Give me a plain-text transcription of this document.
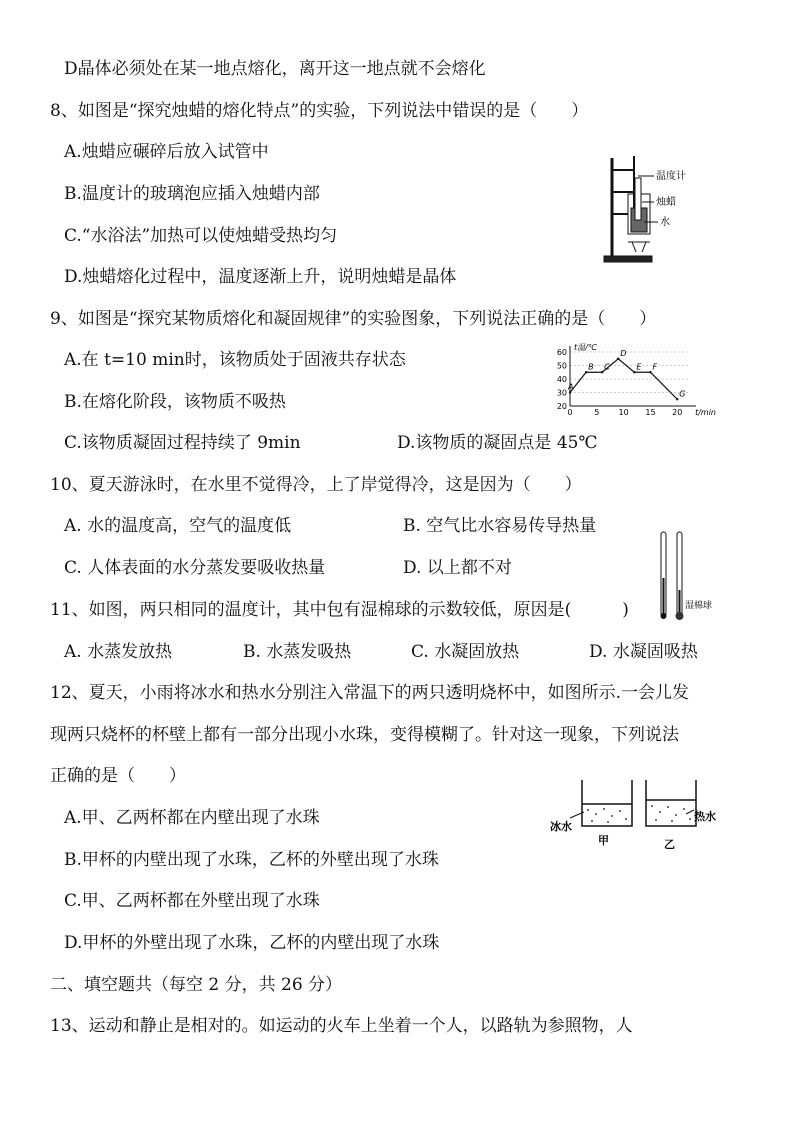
D晶体必须处在某一地点熔化，离开这一地点就不会熔化
8、如图是“探究烛蜡的熔化特点”的实验，下列说法中错误的是（　　）
A.烛蜡应碾碎后放入试管中
B.温度计的玻璃泡应插入烛蜡内部
C.“水浴法”加热可以使烛蜡受热均匀
D.烛蜡熔化过程中，温度逐渐上升，说明烛蜡是晶体
温度计
烛蜡
水
9、如图是“探究某物质熔化和凝固规律”的实验图象，下列说法正确的是（　　）
A.在 t=10 min时，该物质处于固液共存状态
B.在熔化阶段，该物质不吸热
C.该物质凝固过程持续了 9min	D.该物质的凝固点是 45℃
20
30
40
50
60
0	5 10 15 20
t温/℃
t/min
A
B C
D
E F
G
10、夏天游泳时，在水里不觉得冷，上了岸觉得冷，这是因为（　　）
A. 水的温度高，空气的温度低	B. 空气比水容易传导热量
C. 人体表面的水分蒸发要吸收热量	D. 以上都不对
湿棉球
11、如图，两只相同的温度计，其中包有湿棉球的示数较低，原因是(　　　)
A. 水蒸发放热	B. 水蒸发吸热	C. 水凝固放热	D. 水凝固吸热
12、夏天，小雨将冰水和热水分别注入常温下的两只透明烧杯中，如图所示.一会儿发
现两只烧杯的杯壁上都有一部分出现小水珠，变得模糊了。针对这一现象，下列说法
正确的是（　　）
A.甲、乙两杯都在内壁出现了水珠
B.甲杯的内壁出现了水珠，乙杯的外壁出现了水珠
C.甲、乙两杯都在外壁出现了水珠
D.甲杯的外壁出现了水珠，乙杯的内壁出现了水珠
冰水
热水
甲	乙
二、填空题共（每空 2 分，共 26 分）
13、运动和静止是相对的。如运动的火车上坐着一个人，以路轨为参照物，人
